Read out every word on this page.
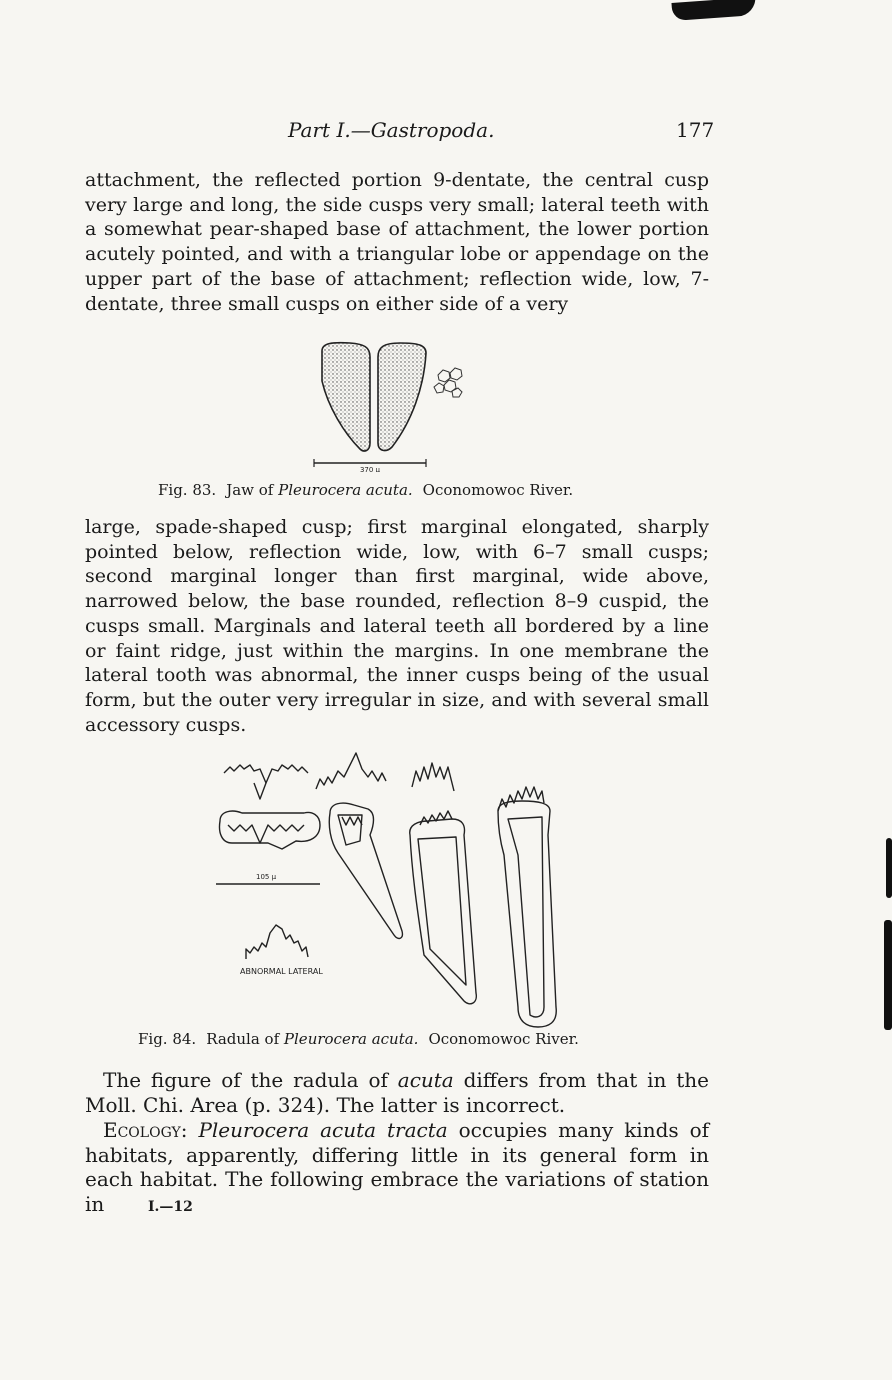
Part I.—Gastropoda.	177

attachment, the reflected portion 9-dentate, the central cusp very large and long, the side cusps very small; lateral teeth with a somewhat pear-shaped base of attachment, the lower portion acutely pointed, and with a triangular lobe or appendage on the upper part of the base of attachment; reflection wide, low, 7-dentate, three small cusps on either side of a very

370 μ
Fig. 83. Jaw of Pleurocera acuta. Oconomowoc River.

large, spade-shaped cusp; first marginal elongated, sharply pointed below, reflection wide, low, with 6–7 small cusps; second marginal longer than first marginal, wide above, narrowed below, the base rounded, reflection 8–9 cuspid, the cusps small. Marginals and lateral teeth all bordered by a line or faint ridge, just within the margins. In one membrane the lateral tooth was abnormal, the inner cusps being of the usual form, but the outer very irregular in size, and with several small accessory cusps.

105 μ
ABNORMAL LATERAL
Fig. 84. Radula of Pleurocera acuta. Oconomowoc River.

The figure of the radula of acuta differs from that in the Moll. Chi. Area (p. 324). The latter is incorrect.

Ecology: Pleurocera acuta tracta occupies many kinds of habitats, apparently, differing little in its general form in each habitat. The following embrace the variations of station in	I.—12
